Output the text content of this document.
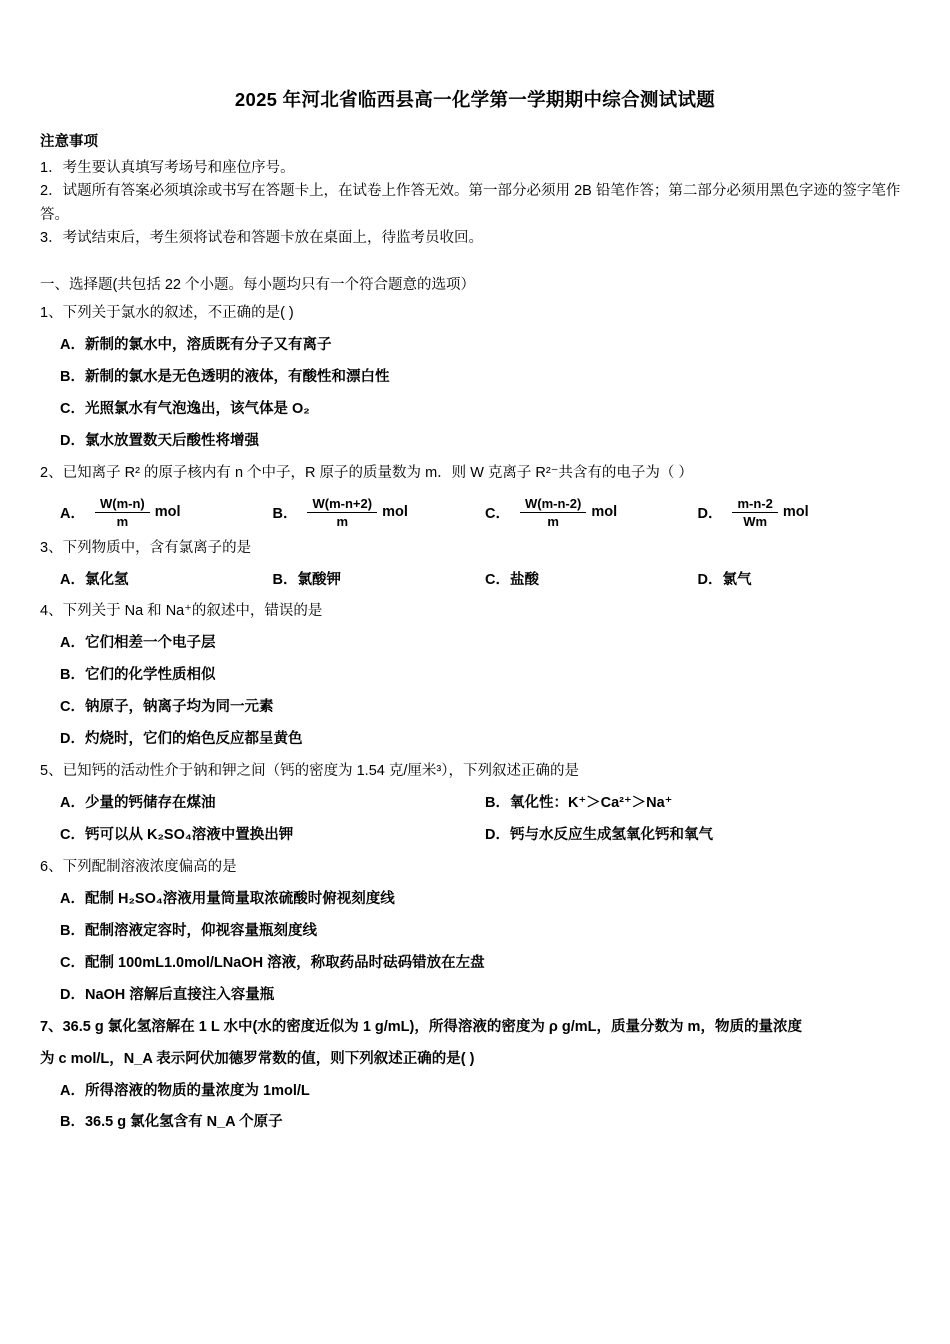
2025 年河北省临西县高一化学第一学期期中综合测试试题
注意事项

1．考生要认真填写考场号和座位序号。

2．试题所有答案必须填涂或书写在答题卡上，在试卷上作答无效。第一部分必须用 2B 铅笔作答；第二部分必须用黑色字迹的签字笔作答。

3．考试结束后，考生须将试卷和答题卡放在桌面上，待监考员收回。

一、选择题(共包括 22 个小题。每小题均只有一个符合题意的选项）

1、下列关于氯水的叙述，不正确的是( )

A．新制的氯水中，溶质既有分子又有离子

B．新制的氯水是无色透明的液体，有酸性和漂白性

C．光照氯水有气泡逸出，该气体是 O₂

D．氯水放置数天后酸性将增强

2、已知离子 R² 的原子核内有 n 个中子，R 原子的质量数为 m．则 W 克离子 R²⁻共含有的电子为（ ）

A． $\frac{W(m-n)}{m}$ mol	B． $\frac{W(m-n+2)}{m}$ mol	C． $\frac{W(m-n-2)}{m}$ mol	D． $\frac{m-n-2}{Wm}$ mol

3、下列物质中，含有氯离子的是

A．氯化氢	B．氯酸钾	C．盐酸	D．氯气

4、下列关于 Na 和 Na⁺的叙述中，错误的是

A．它们相差一个电子层

B．它们的化学性质相似

C．钠原子，钠离子均为同一元素

D．灼烧时，它们的焰色反应都呈黄色

5、已知钙的活动性介于钠和钾之间（钙的密度为 1.54 克/厘米³），下列叙述正确的是

A．少量的钙储存在煤油	B．氧化性：K⁺＞Ca²⁺＞Na⁺
C．钙可以从 K₂SO₄溶液中置换出钾	D．钙与水反应生成氢氧化钙和氧气

6、下列配制溶液浓度偏高的是

A．配制 H₂SO₄溶液用量筒量取浓硫酸时俯视刻度线

B．配制溶液定容时，仰视容量瓶刻度线

C．配制 100mL1.0mol/LNaOH 溶液，称取药品时砝码错放在左盘

D．NaOH 溶解后直接注入容量瓶

7、36.5 g 氯化氢溶解在 1 L 水中(水的密度近似为 1 g/mL)，所得溶液的密度为 ρ g/mL，质量分数为 m，物质的量浓度

为 c mol/L，N_A 表示阿伏加德罗常数的值，则下列叙述正确的是( )

A．所得溶液的物质的量浓度为 1mol/L

B．36.5 g 氯化氢含有 N_A 个原子
